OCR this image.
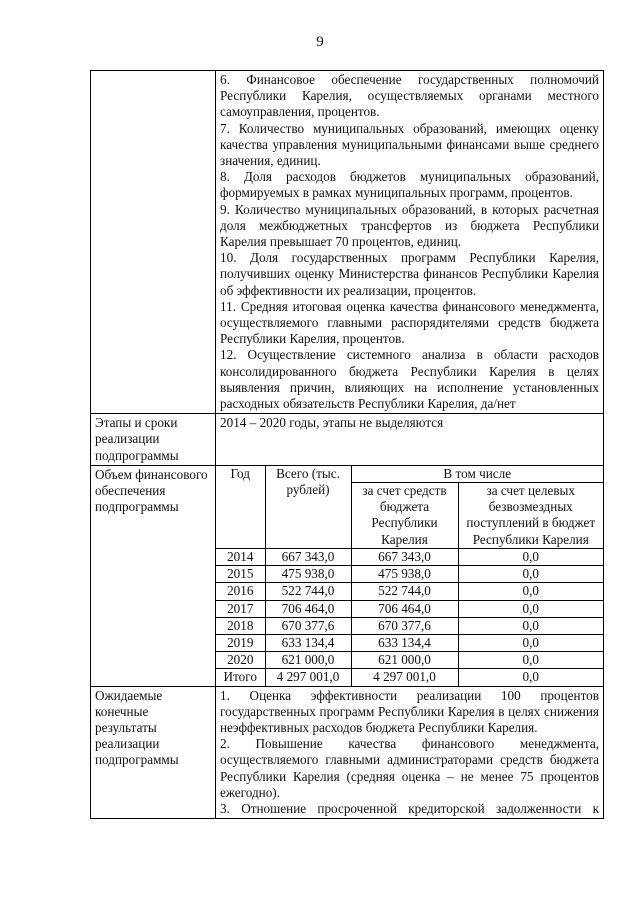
9

6. Финансовое обеспечение государственных полномочий Республики Карелия, осуществляемых органами местного самоуправления, процентов.

7. Количество муниципальных образований, имеющих оценку качества управления муниципальными финансами выше среднего значения, единиц.

8. Доля расходов бюджетов муниципальных образований, формируемых в рамках муниципальных программ, процентов.

9. Количество муниципальных образований, в которых расчетная доля межбюджетных трансфертов из бюджета Республики Карелия превышает 70 процентов, единиц.

10. Доля государственных программ Республики Карелия, получивших оценку Министерства финансов Республики Карелия об эффективности их реализации, процентов.

11. Средняя итоговая оценка качества финансового менеджмента, осуществляемого главными распорядителями средств бюджета Республики Карелия, процентов.

12. Осуществление системного анализа в области расходов консолидированного бюджета Республики Карелия в целях выявления причин, влияющих на исполнение установленных расходных обязательств Республики Карелия, да/нет

Этапы и сроки реализации подпрограммы	2014 – 2020 годы, этапы не выделяются
Объем финансового обеспечения подпрограммы	
Год	Всего (тыс. рублей)	В том числе
за счет средств бюджета Республики Карелия	за счет целевых безвозмездных поступлений в бюджет Республики Карелия
2014	667 343,0	667 343,0	0,0
2015	475 938,0	475 938,0	0,0
2016	522 744,0	522 744,0	0,0
2017	706 464,0	706 464,0	0,0
2018	670 377,6	670 377,6	0,0
2019	633 134,4	633 134,4	0,0
2020	621 000,0	621 000,0	0,0
Итого	4 297 001,0	4 297 001,0	0,0

Ожидаемые конечные результаты реализации подпрограммы	

1. Оценка эффективности реализации 100 процентов государственных программ Республики Карелия в целях снижения неэффективных расходов бюджета Республики Карелия.

2. Повышение качества финансового менеджмента, осуществляемого главными администраторами средств бюджета Республики Карелия (средняя оценка – не менее 75 процентов ежегодно).

3. Отношение просроченной кредиторской задолженности к
